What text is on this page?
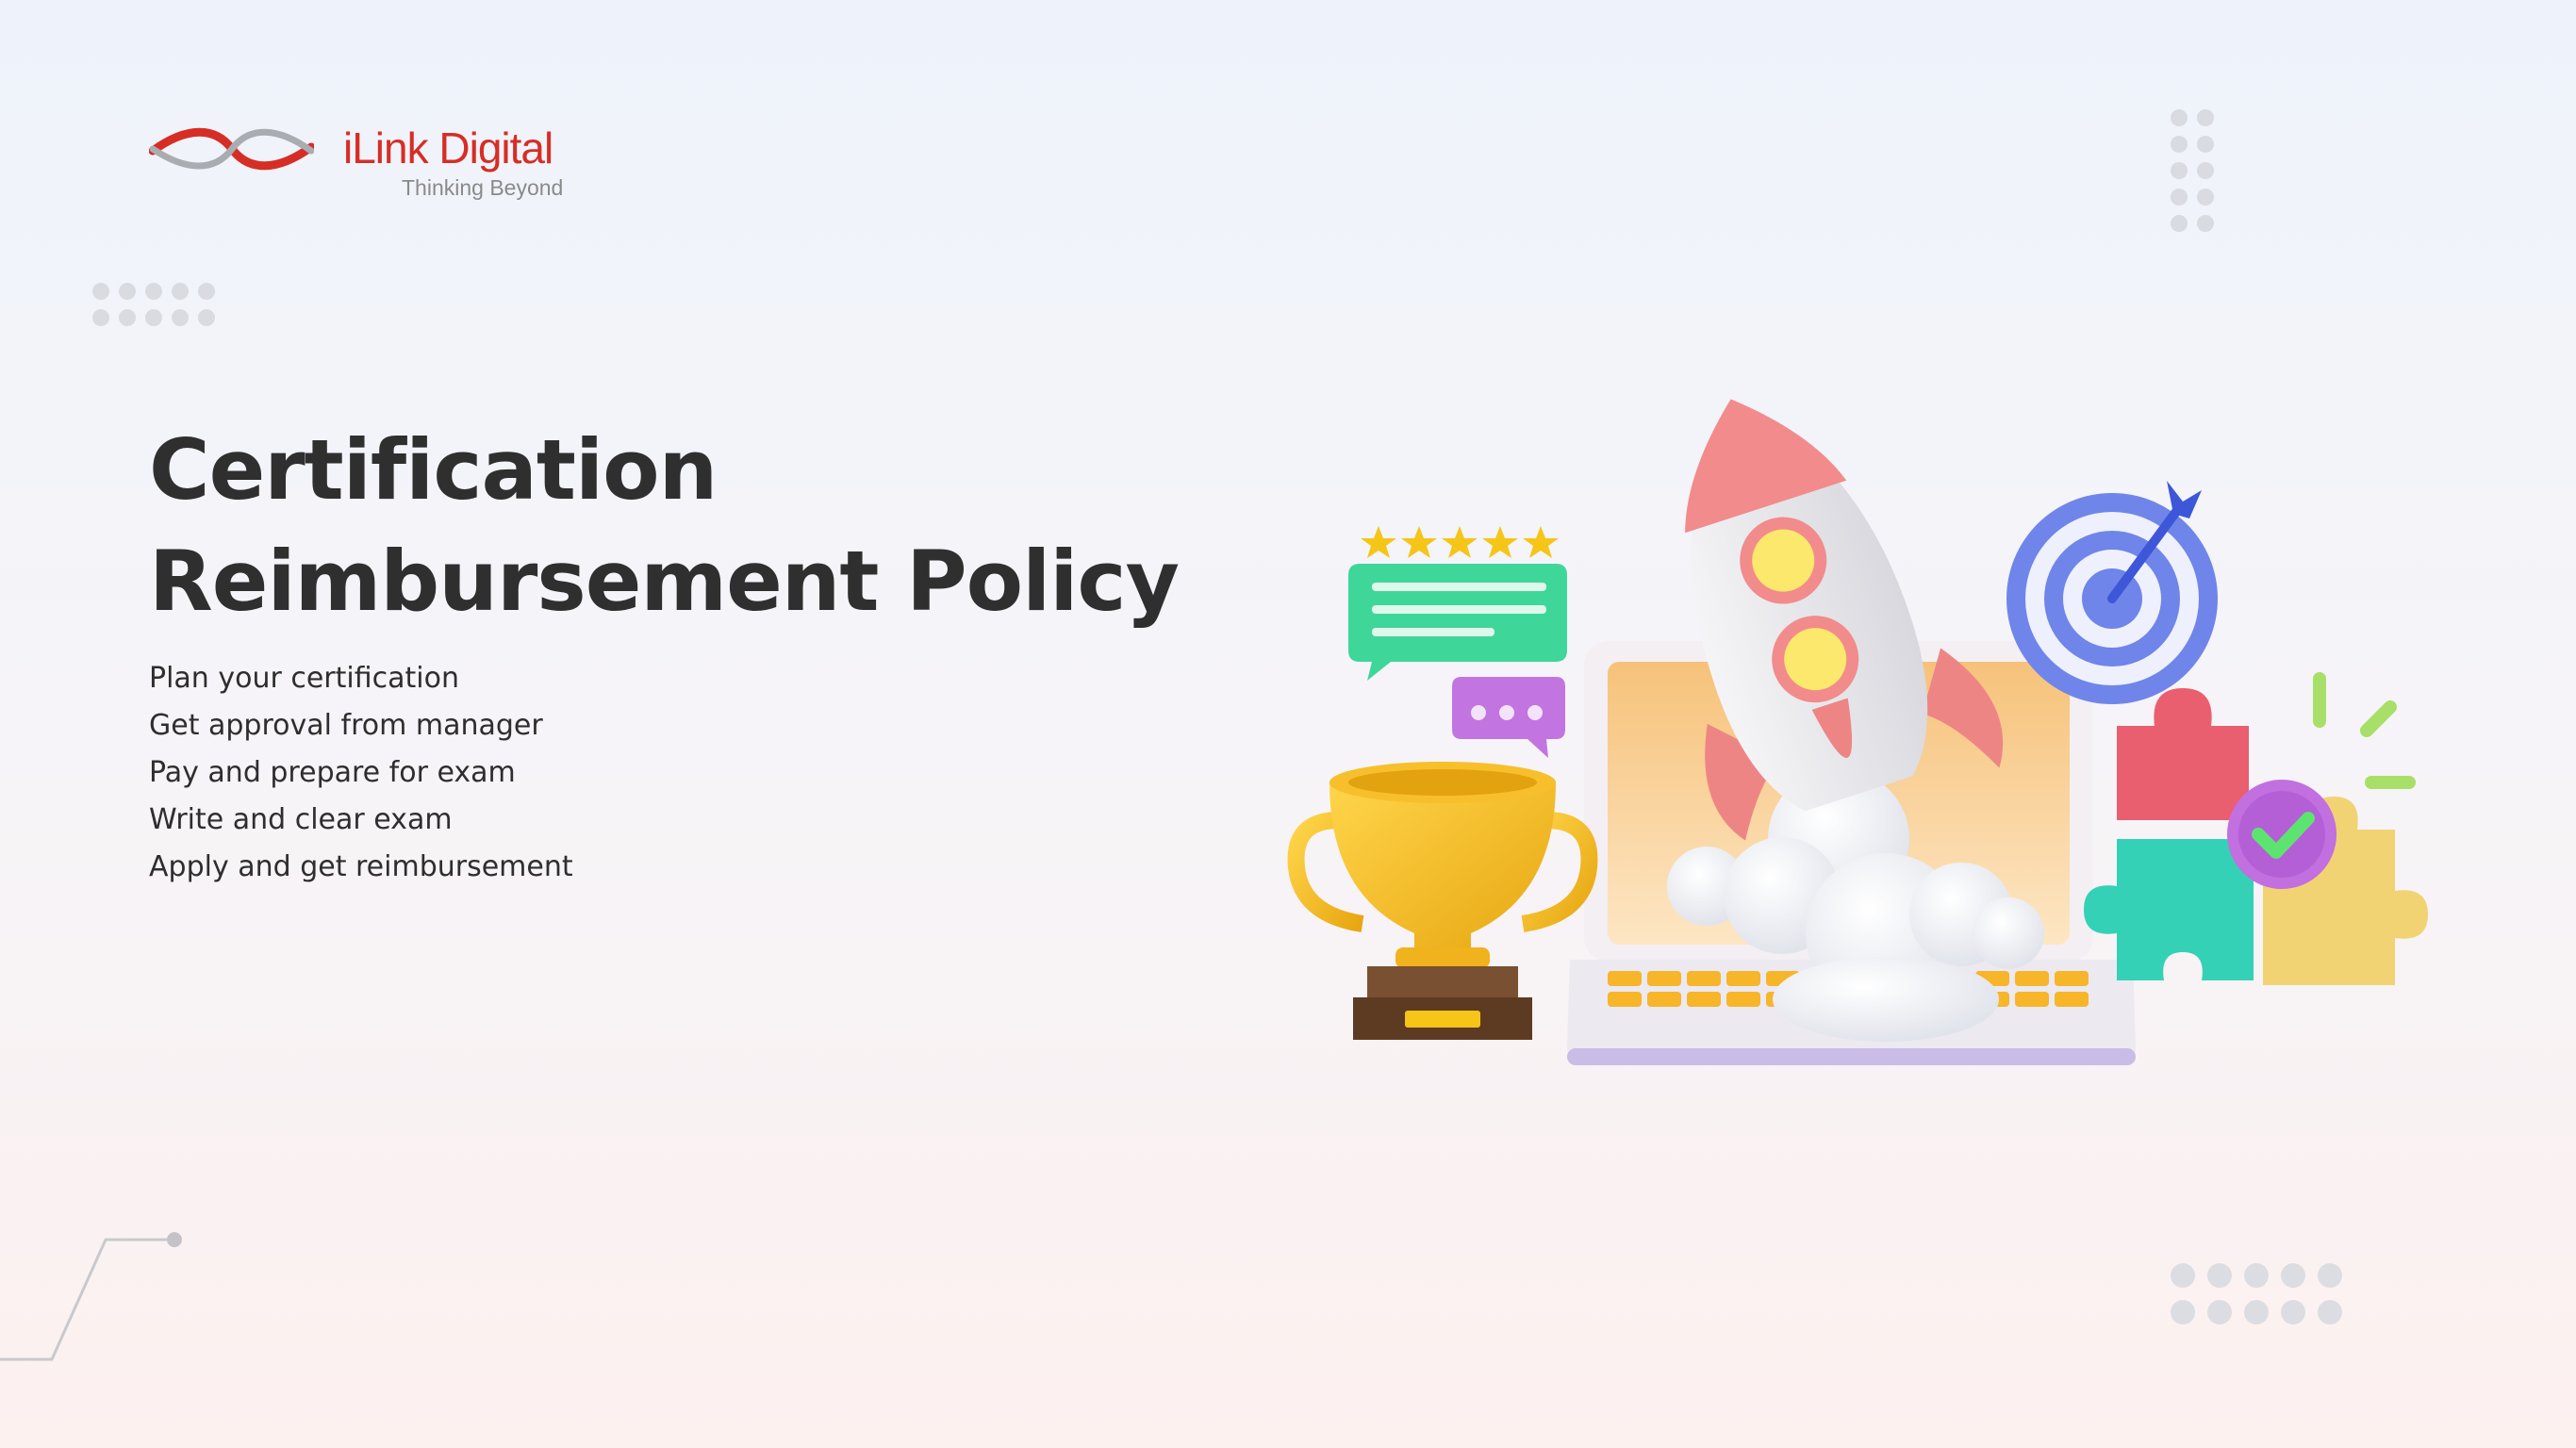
iLink Digital
Thinking Beyond
Certification
Reimbursement Policy
Plan your certification
Get approval from manager
Pay and prepare for exam
Write and clear exam
Apply and get reimbursement
